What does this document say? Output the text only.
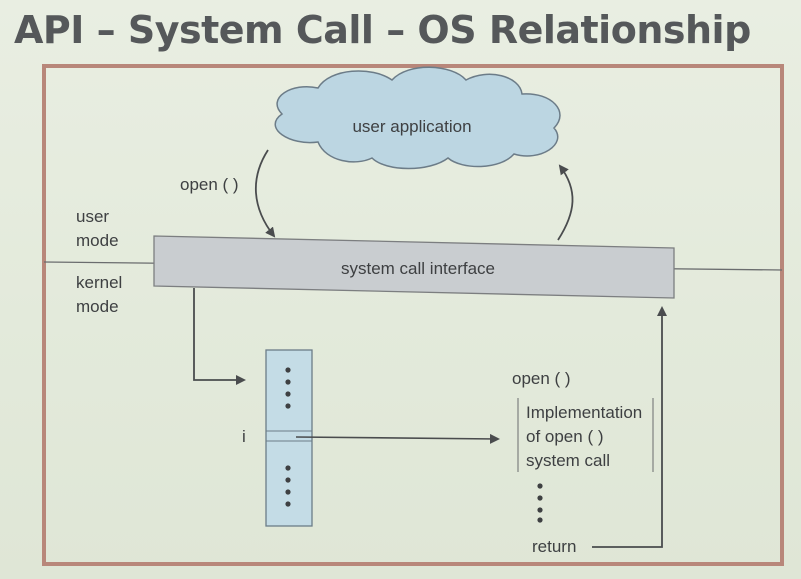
API – System Call – OS Relationship
user application
open ( )
user
mode
kernel
mode
system call interface
i
open ( )
Implementation
of open ( )
system call
return
